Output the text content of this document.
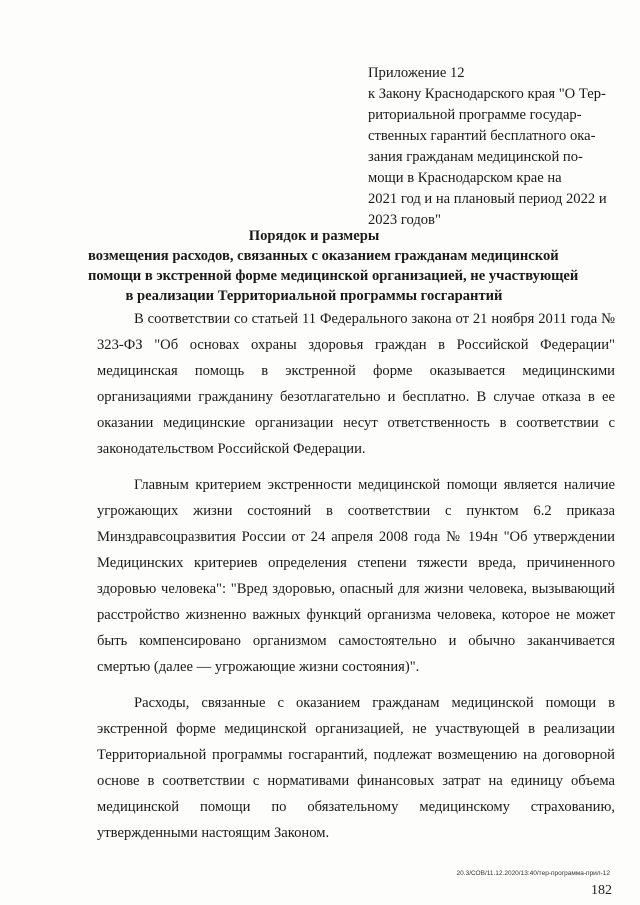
Приложение 12
к Закону Краснодарского края "О Тер-
риториальной программе государ-
ственных гарантий бесплатного ока-
зания гражданам медицинской по-
мощи в Краснодарском крае на
2021 год и на плановый период 2022 и
2023 годов"
Порядок и размеры
возмещения расходов, связанных с оказанием гражданам медицинской
помощи в экстренной форме медицинской организацией, не участвующей
в реализации Территориальной программы госгарантий

В соответствии со статьей 11 Федерального закона от 21 ноября 2011 года № 323-ФЗ "Об основах охраны здоровья граждан в Российской Федерации" медицинская помощь в экстренной форме оказывается медицинскими организациями гражданину безотлагательно и бесплатно. В случае отказа в ее оказании медицинские организации несут ответственность в соответствии с законодательством Российской Федерации.

Главным критерием экстренности медицинской помощи является наличие угрожающих жизни состояний в соответствии с пунктом 6.2 приказа Минздравсоцразвития России от 24 апреля 2008 года № 194н "Об утверждении Медицинских критериев определения степени тяжести вреда, причиненного здоровью человека": "Вред здоровью, опасный для жизни человека, вызывающий расстройство жизненно важных функций организма человека, которое не может быть компенсировано организмом самостоятельно и обычно заканчивается смертью (далее — угрожающие жизни состояния)".

Расходы, связанные с оказанием гражданам медицинской помощи в экстренной форме медицинской организацией, не участвующей в реализации Территориальной программы госгарантий, подлежат возмещению на договорной основе в соответствии с нормативами финансовых затрат на единицу объема медицинской помощи по обязательному медицинскому страхованию, утвержденными настоящим Законом.

20.3/СОВ/11.12.2020/13:40/тер-программа-прил-12
182
